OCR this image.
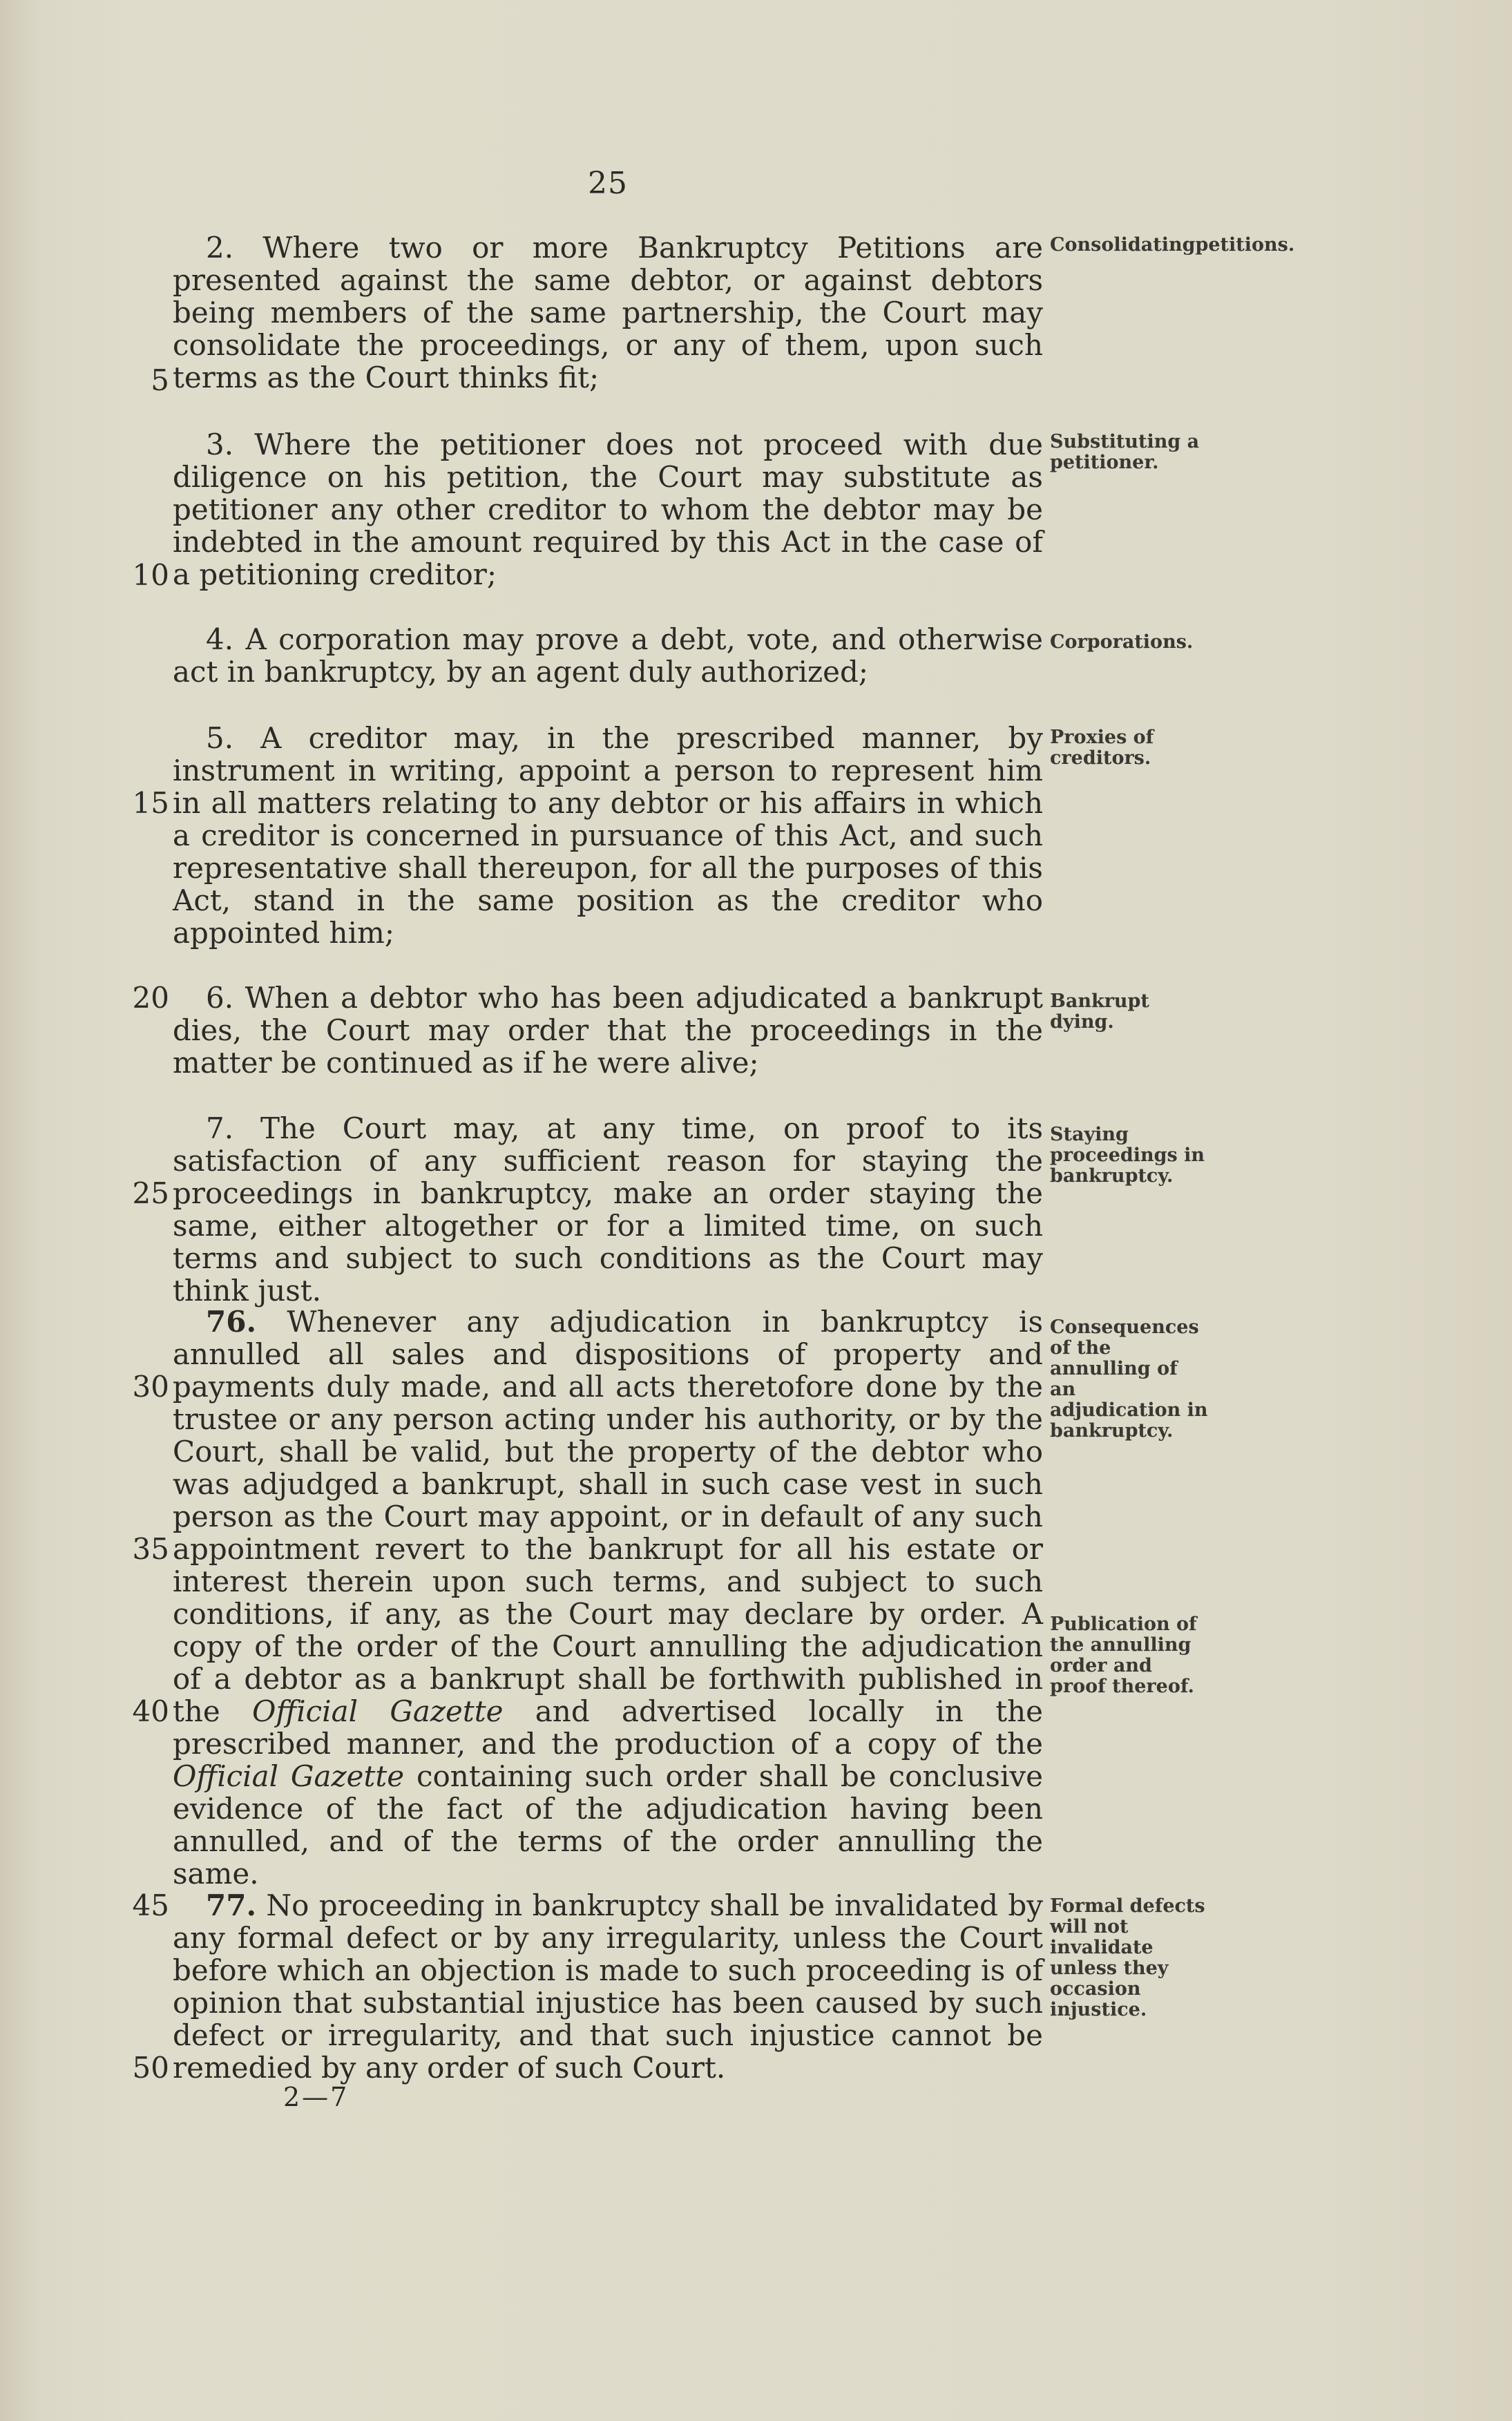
25

2. Where two or more Bankruptcy Petitions are presented against the same debtor, or against debtors being members of the same partnership, the Court may consolidate the proceedings, or any of them, upon such terms as the Court thinks fit;

Consolidatingpetitions.

3. Where the petitioner does not proceed with due diligence on his petition, the Court may substitute as petitioner any other creditor to whom the debtor may be indebted in the amount required by this Act in the case of a petitioning creditor;

Substituting a petitioner.

4. A corporation may prove a debt, vote, and otherwise act in bankruptcy, by an agent duly authorized;

Corporations.

5. A creditor may, in the prescribed manner, by instrument in writing, appoint a person to represent him in all matters relating to any debtor or his affairs in which a creditor is concerned in pursuance of this Act, and such representative shall thereupon, for all the purposes of this Act, stand in the same position as the creditor who appointed him;

Proxies of creditors.

6. When a debtor who has been adjudicated a bankrupt dies, the Court may order that the proceedings in the matter be continued as if he were alive;

Bankrupt dying.

7. The Court may, at any time, on proof to its satisfaction of any sufficient reason for staying the proceedings in bankruptcy, make an order staying the same, either altogether or for a limited time, on such terms and subject to such conditions as the Court may think just.

Staying proceedings in bankruptcy.

76. Whenever any adjudication in bankruptcy is annulled all sales and dispositions of property and payments duly made, and all acts theretofore done by the trustee or any person acting under his authority, or by the Court, shall be valid, but the property of the debtor who was adjudged a bankrupt, shall in such case vest in such person as the Court may appoint, or in default of any such appointment revert to the bankrupt for all his estate or interest therein upon such terms, and subject to such conditions, if any, as the Court may declare by order. A copy of the order of the Court annulling the adjudication of a debtor as a bankrupt shall be forthwith published in the Official Gazette and advertised locally in the prescribed manner, and the production of a copy of the Official Gazette containing such order shall be conclusive evidence of the fact of the adjudication having been annulled, and of the terms of the order annulling the same.

Consequences of the annulling of an adjudication in bankruptcy.

Publication of the annulling order and proof thereof.

77. No proceeding in bankruptcy shall be invalidated by any formal defect or by any irregularity, unless the Court before which an objection is made to such proceeding is of opinion that substantial injustice has been caused by such defect or irregularity, and that such injustice cannot be remedied by any order of such Court.

Formal defects will not invalidate unless they occasion injustice.

5
10
15
20
25
30
35
40
45
50
2—7
